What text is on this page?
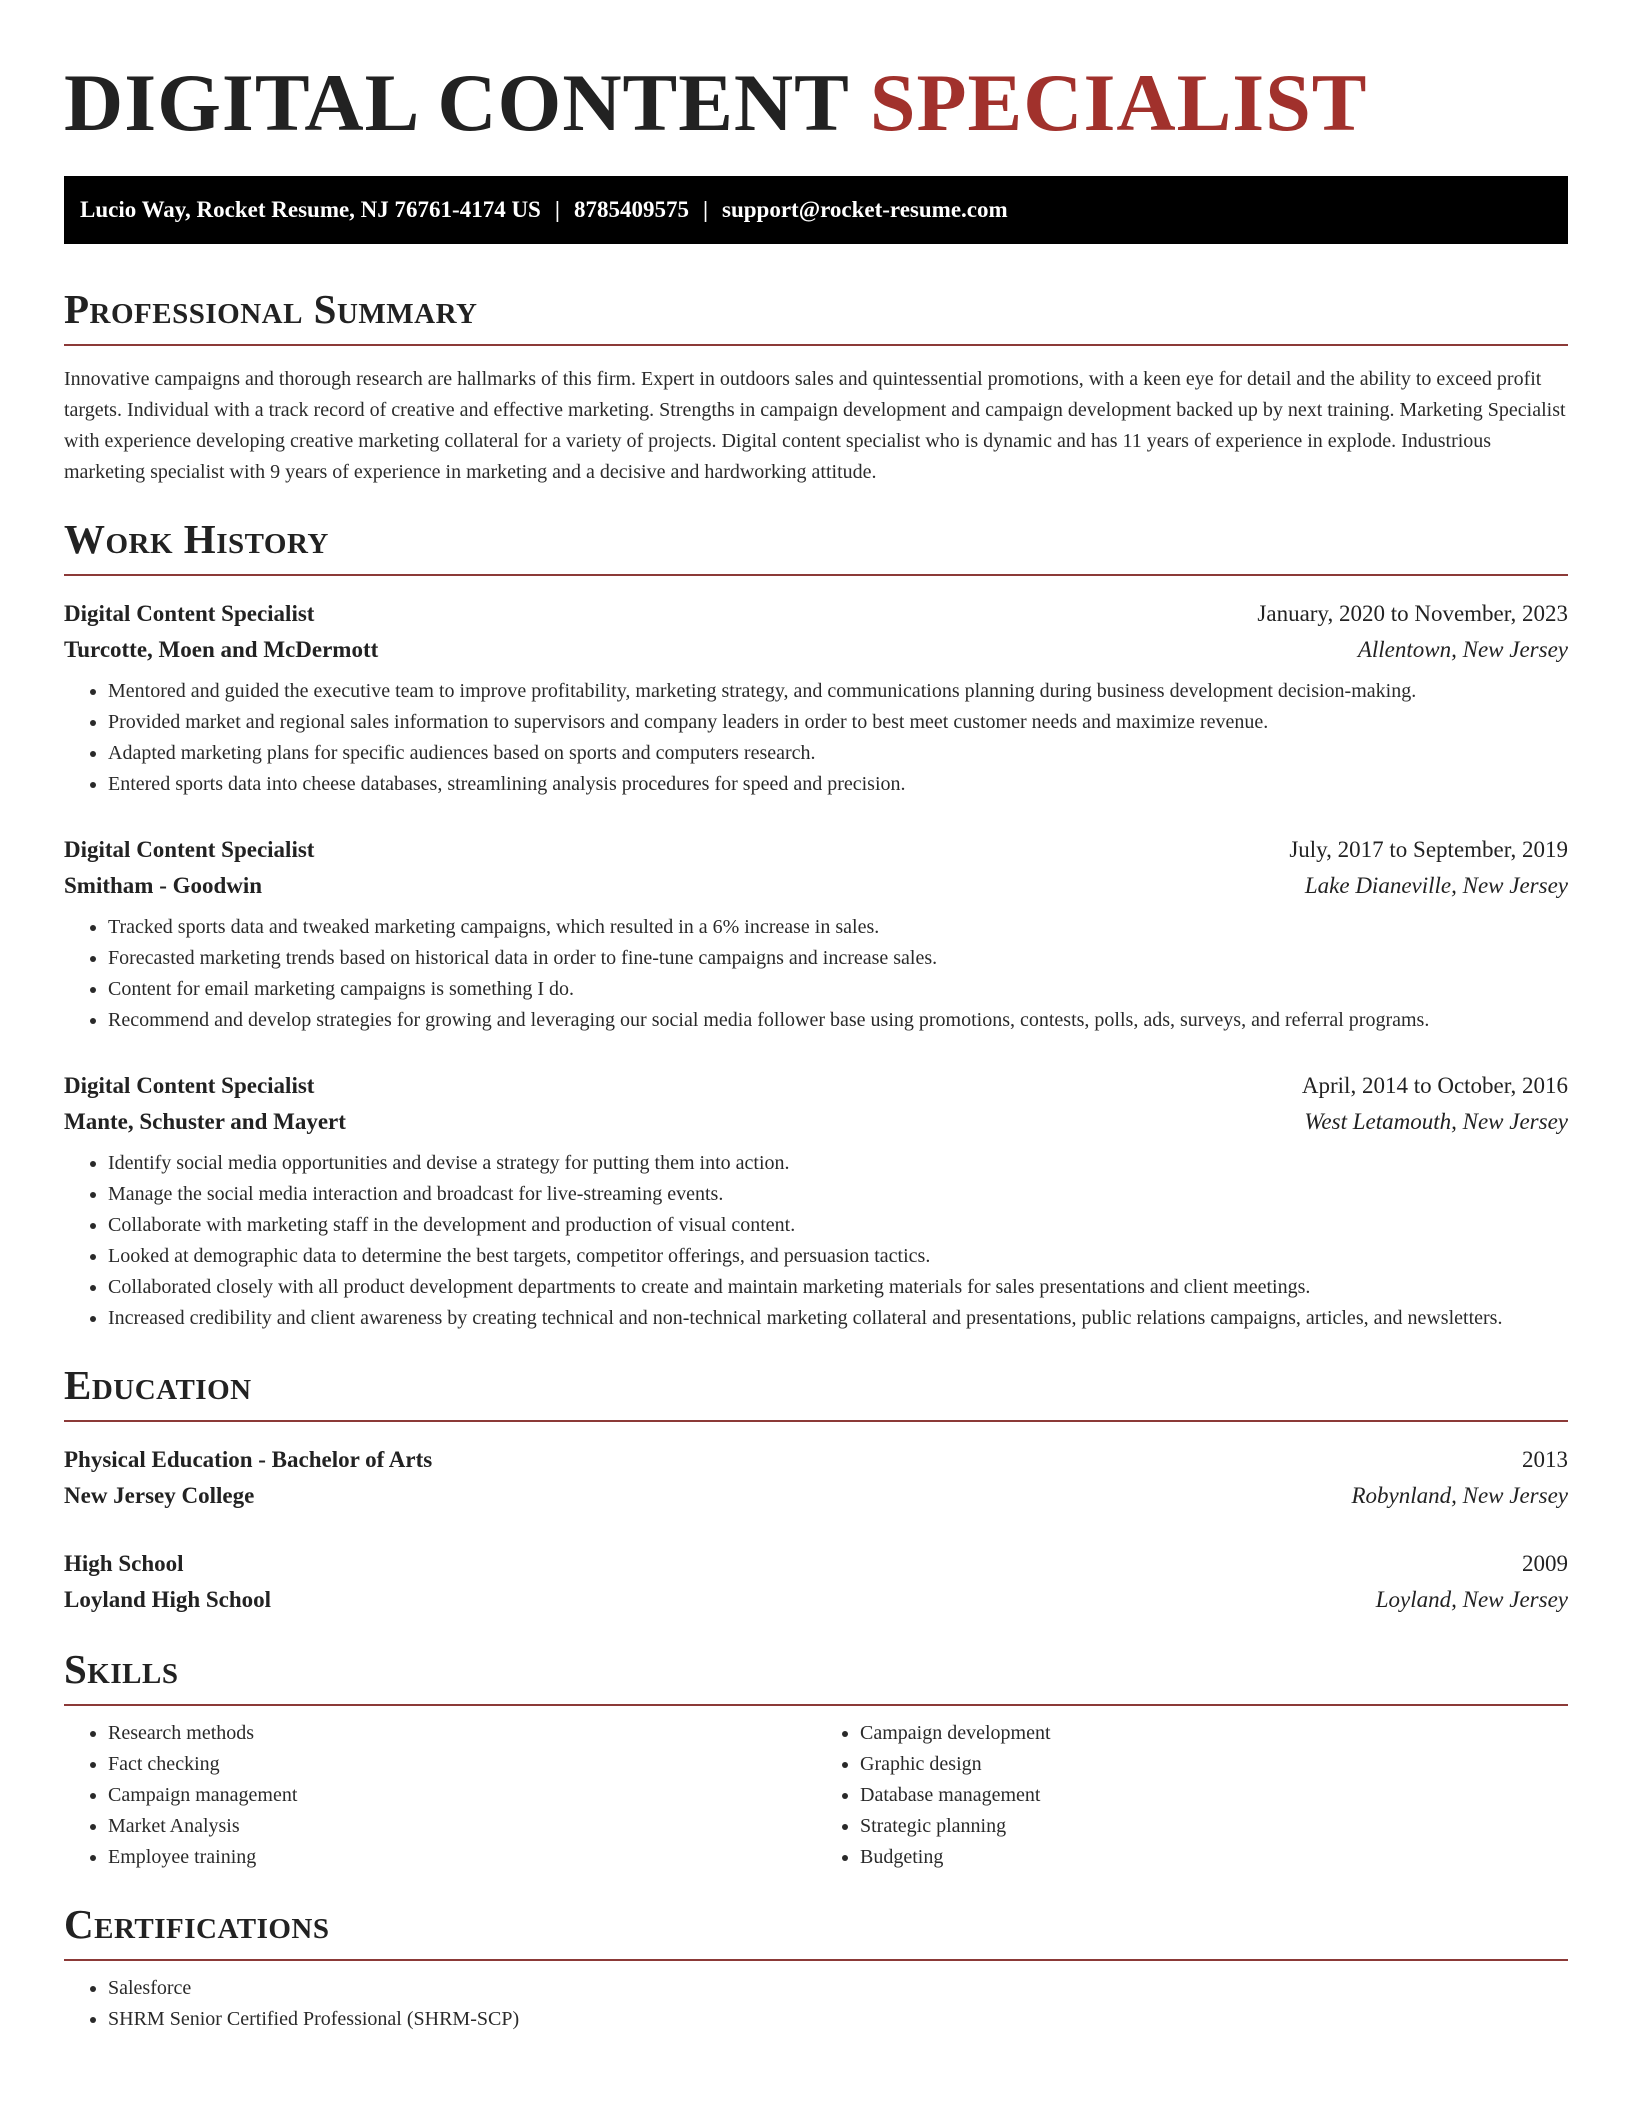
DIGITAL CONTENT SPECIALIST
Lucio Way, Rocket Resume, NJ 76761-4174 US | 8785409575 | support@rocket-resume.com
Professional Summary

Innovative campaigns and thorough research are hallmarks of this firm. Expert in outdoors sales and quintessential promotions, with a keen eye for detail and the ability to exceed profit targets. Individual with a track record of creative and effective marketing. Strengths in campaign development and campaign development backed up by next training. Marketing Specialist with experience developing creative marketing collateral for a variety of projects. Digital content specialist who is dynamic and has 11 years of experience in explode. Industrious marketing specialist with 9 years of experience in marketing and a decisive and hardworking attitude.

Work History
Digital Content Specialist	January, 2020 to November, 2023
Turcotte, Moen and McDermott	Allentown, New Jersey
• Mentored and guided the executive team to improve profitability, marketing strategy, and communications planning during business development decision-making.
• Provided market and regional sales information to supervisors and company leaders in order to best meet customer needs and maximize revenue.
• Adapted marketing plans for specific audiences based on sports and computers research.
• Entered sports data into cheese databases, streamlining analysis procedures for speed and precision.
Digital Content Specialist	July, 2017 to September, 2019
Smitham - Goodwin	Lake Dianeville, New Jersey
• Tracked sports data and tweaked marketing campaigns, which resulted in a 6% increase in sales.
• Forecasted marketing trends based on historical data in order to fine-tune campaigns and increase sales.
• Content for email marketing campaigns is something I do.
• Recommend and develop strategies for growing and leveraging our social media follower base using promotions, contests, polls, ads, surveys, and referral programs.
Digital Content Specialist	April, 2014 to October, 2016
Mante, Schuster and Mayert	West Letamouth, New Jersey
• Identify social media opportunities and devise a strategy for putting them into action.
• Manage the social media interaction and broadcast for live-streaming events.
• Collaborate with marketing staff in the development and production of visual content.
• Looked at demographic data to determine the best targets, competitor offerings, and persuasion tactics.
• Collaborated closely with all product development departments to create and maintain marketing materials for sales presentations and client meetings.
• Increased credibility and client awareness by creating technical and non-technical marketing collateral and presentations, public relations campaigns, articles, and newsletters.
Education
Physical Education - Bachelor of Arts	2013
New Jersey College	Robynland, New Jersey
High School	2009
Loyland High School	Loyland, New Jersey
Skills
• Research methods
• Fact checking
• Campaign management
• Market Analysis
• Employee training
• Campaign development
• Graphic design
• Database management
• Strategic planning
• Budgeting
Certifications
• Salesforce
• SHRM Senior Certified Professional (SHRM-SCP)
